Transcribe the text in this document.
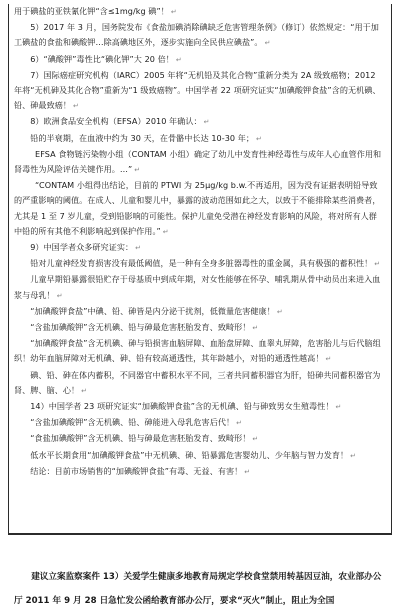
用于碘盐的亚铁氰化钾“含≤1mg/kg 碘”！ ↵

5）2017 年 3 月，国务院发布《食盐加碘消除碘缺乏危害管理条例》（修订）依然规定：“用于加工碘盐的食盐和碘酸钾…除高碘地区外，逐步实施向全民供应碘盐”。 ↵

6）“碘酸钾”毒性比“碘化钾”大 20 倍！ ↵

7）国际癌症研究机构（IARC）2005 年将“无机铅及其化合物”重新分类为 2A 级致癌物；2012 年将“无机砷及其化合物”重新为“1 级致癌物”。中国学者 22 项研究证实“加碘酸钾食盐”含的无机碘、铅、砷最致癌！ ↵

8）欧洲食品安全机构（EFSA）2010 年确认： ↵

铅的半衰期，在血液中约为 30 天，在骨骼中长达 10-30 年； ↵

EFSA 食物链污染物小组（CONTAM 小组）确定了幼儿中发育性神经毒性与成年人心血管作用和肾毒性为风险评估关键作用。…” ↵

“CONTAM 小组得出结论，目前的 PTWI 为 25μg/kg b.w.不再适用，因为没有证据表明铅导致的严重影响的阈值。在成人、儿童和婴儿中，暴露的波动范围如此之大，以致于不能排除某些消费者，尤其是 1 至 7 岁儿童，受到铅影响的可能性。保护儿童免受潜在神经发育影响的风险，将对所有人群中铅的所有其他不利影响起到保护作用。” ↵

9）中国学者众多研究证实： ↵

铅对儿童神经发育损害没有最低阈值，是一种有全身多脏器毒性的重金属，具有极强的蓄积性！ ↵

儿童早期铅暴露很铅贮存于母基质中到成年期，对女性能够在怀孕、哺乳期从骨中动员出来进入血浆与母乳！ ↵

“加碘酸钾食盐”中碘、铅、砷皆是内分泌干扰剂，低微量危害健康！ ↵

“含盐加碘酸钾”含无机碘、铅与砷最危害胚胎发育、致畸形！ ↵

“加碘酸钾食盐”含无机碘、砷与铅损害血脑屏障、血胎盘屏障、血睾丸屏障，危害胎儿与后代脑组织！幼年血脑屏障对无机碘、砷、铅有较高通透性，其年龄越小，对铅的通透性越高！ ↵

碘、铅、砷在体内蓄积，不同器官中蓄积水平不同，三者共同蓄积器官为肝，铅砷共同蓄积器官为肾、脾、脑、心！ ↵

14）中国学者 23 项研究证实“加碘酸钾食盐”含的无机碘、铅与砷致男女生殖毒性！ ↵

“含盐加碘酸钾”含无机碘、铅、砷能进入母乳危害后代！ ↵

“食盐加碘酸钾”含无机碘、铅与砷最危害胚胎发育、致畸形！ ↵

低水平长期食用“加碘酸钾食盐”中无机碘、砷、铅暴露危害婴幼儿、少年脑与智力发育！ ↵

结论：目前市场销售的“加碘酸钾食盐”有毒、无益、有害！ ↵

建议立案监察案件 13）关爱学生健康多地教育局规定学校食堂禁用转基因豆油，农业部办公厅 2011 年 9 月 28 日急忙发公函给教育部办公厅，要求“灭火”制止，阻止为全国
